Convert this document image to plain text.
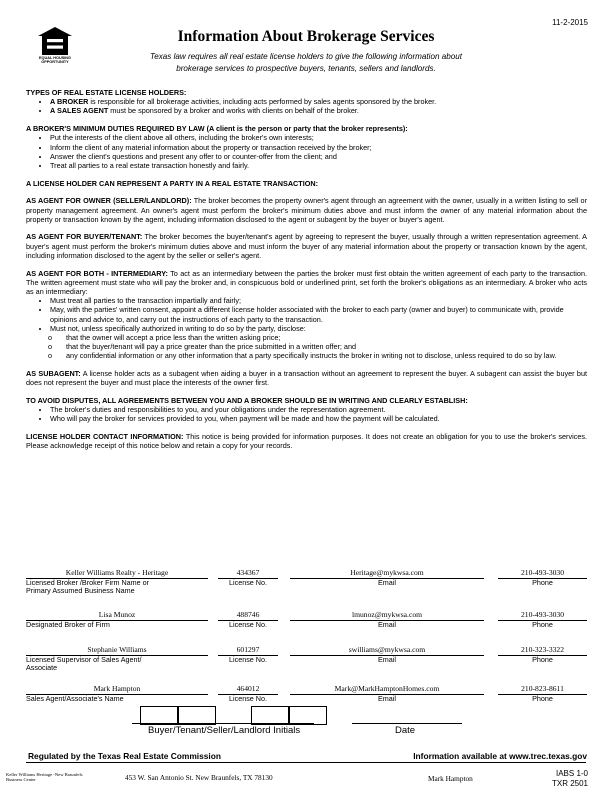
EQUAL HOUSING OPPORTUNITY
11-2-2015
Information About Brokerage Services
Texas law requires all real estate license holders to give the following information about
brokerage services to prospective buyers, tenants, sellers and landlords.

TYPES OF REAL ESTATE LICENSE HOLDERS:

• A BROKER is responsible for all brokerage activities, including acts performed by sales agents sponsored by the broker.
• A SALES AGENT must be sponsored by a broker and works with clients on behalf of the broker.

A BROKER'S MINIMUM DUTIES REQUIRED BY LAW (A client is the person or party that the broker represents):

• Put the interests of the client above all others, including the broker's own interests;
• Inform the client of any material information about the property or transaction received by the broker;
• Answer the client's questions and present any offer to or counter-offer from the client; and
• Treat all parties to a real estate transaction honestly and fairly.

A LICENSE HOLDER CAN REPRESENT A PARTY IN A REAL ESTATE TRANSACTION:

AS AGENT FOR OWNER (SELLER/LANDLORD): The broker becomes the property owner's agent through an agreement with the owner, usually in a written listing to sell or property management agreement. An owner's agent must perform the broker's minimum duties above and must inform the owner of any material information about the property or transaction known by the agent, including information disclosed to the agent or subagent by the buyer or buyer's agent.

AS AGENT FOR BUYER/TENANT: The broker becomes the buyer/tenant's agent by agreeing to represent the buyer, usually through a written representation agreement. A buyer's agent must perform the broker's minimum duties above and must inform the buyer of any material information about the property or transaction known by the agent, including information disclosed to the agent by the seller or seller's agent.

AS AGENT FOR BOTH - INTERMEDIARY: To act as an intermediary between the parties the broker must first obtain the written agreement of each party to the transaction. The written agreement must state who will pay the broker and, in conspicuous bold or underlined print, set forth the broker's obligations as an intermediary. A broker who acts as an intermediary:

• Must treat all parties to the transaction impartially and fairly;
• May, with the parties' written consent, appoint a different license holder associated with the broker to each party (owner and buyer) to communicate with, provide opinions and advice to, and carry out the instructions of each party to the transaction.
• Must not, unless specifically authorized in writing to do so by the party, disclose:
o that the owner will accept a price less than the written asking price;
o that the buyer/tenant will pay a price greater than the price submitted in a written offer; and
o any confidential information or any other information that a party specifically instructs the broker in writing not to disclose, unless required to do so by law.

AS SUBAGENT: A license holder acts as a subagent when aiding a buyer in a transaction without an agreement to represent the buyer. A subagent can assist the buyer but does not represent the buyer and must place the interests of the owner first.

TO AVOID DISPUTES, ALL AGREEMENTS BETWEEN YOU AND A BROKER SHOULD BE IN WRITING AND CLEARLY ESTABLISH:

• The broker's duties and responsibilities to you, and your obligations under the representation agreement.
• Who will pay the broker for services provided to you, when payment will be made and how the payment will be calculated.

LICENSE HOLDER CONTACT INFORMATION: This notice is being provided for information purposes. It does not create an obligation for you to use the broker's services. Please acknowledge receipt of this notice below and retain a copy for your records.

Keller Williams Realty - Heritage	434367	Heritage@mykwsa.com	210-493-3030
Licensed Broker /Broker Firm Name or
Primary Assumed Business Name
License No.	Email	Phone
Lisa Munoz	488746	lmunoz@mykwsa.com	210-493-3030
Designated Broker of Firm	License No.	Email	Phone
Stephanie Williams	601297	swilliams@mykwsa.com	210-323-3322
Licensed Supervisor of Sales Agent/
Associate
License No.	Email	Phone
Mark Hampton	464012	Mark@MarkHamptonHomes.com	210-823-8611
Sales Agent/Associate's Name	License No.	Email	Phone
Buyer/Tenant/Seller/Landlord Initials	Date
Regulated by the Texas Real Estate Commission	Information available at www.trec.texas.gov
Keller Williams Heritage -New Braunfels
Business Center	453 W. San Antonio St. New Braunfels, TX 78130	Mark Hampton
IABS 1-0
TXR 2501
